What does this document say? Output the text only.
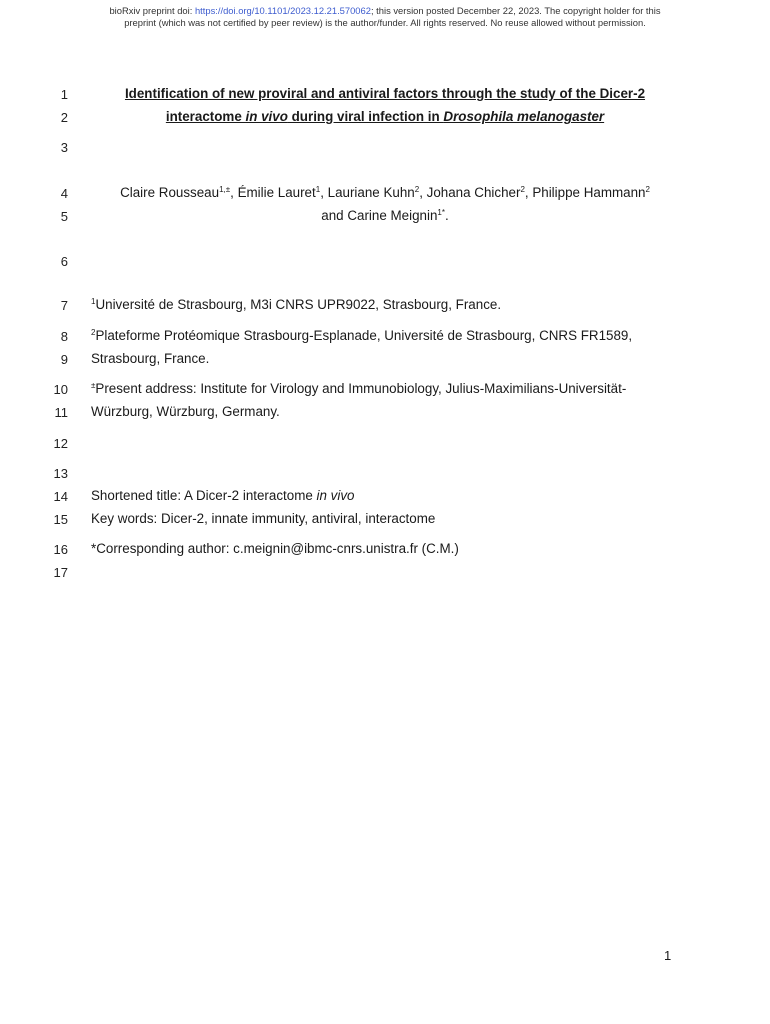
bioRxiv preprint doi: https://doi.org/10.1101/2023.12.21.570062; this version posted December 22, 2023. The copyright holder for this
preprint (which was not certified by peer review) is the author/funder. All rights reserved. No reuse allowed without permission.
1
2
3
4
5
6
7
8
9
10
11
12
13
14
15
16
17
Identification of new proviral and antiviral factors through the study of the Dicer-2
interactome in vivo during viral infection in Drosophila melanogaster
Claire Rousseau$^{1,\pm}$, Émilie Lauret$^1$, Lauriane Kuhn$^2$, Johana Chicher$^2$, Philippe Hammann$^2$
and Carine Meignin$^{1*}$.
$^1$Université de Strasbourg, M3i CNRS UPR9022, Strasbourg, France.
$^2$Plateforme Protéomique Strasbourg-Esplanade, Université de Strasbourg, CNRS FR1589,
Strasbourg, France.
±Present address: Institute for Virology and Immunobiology, Julius-Maximilians-Universität-
Würzburg, Würzburg, Germany.
Shortened title: A Dicer-2 interactome in vivo
Key words: Dicer-2, innate immunity, antiviral, interactome
*Corresponding author: c.meignin@ibmc-cnrs.unistra.fr (C.M.)
1
